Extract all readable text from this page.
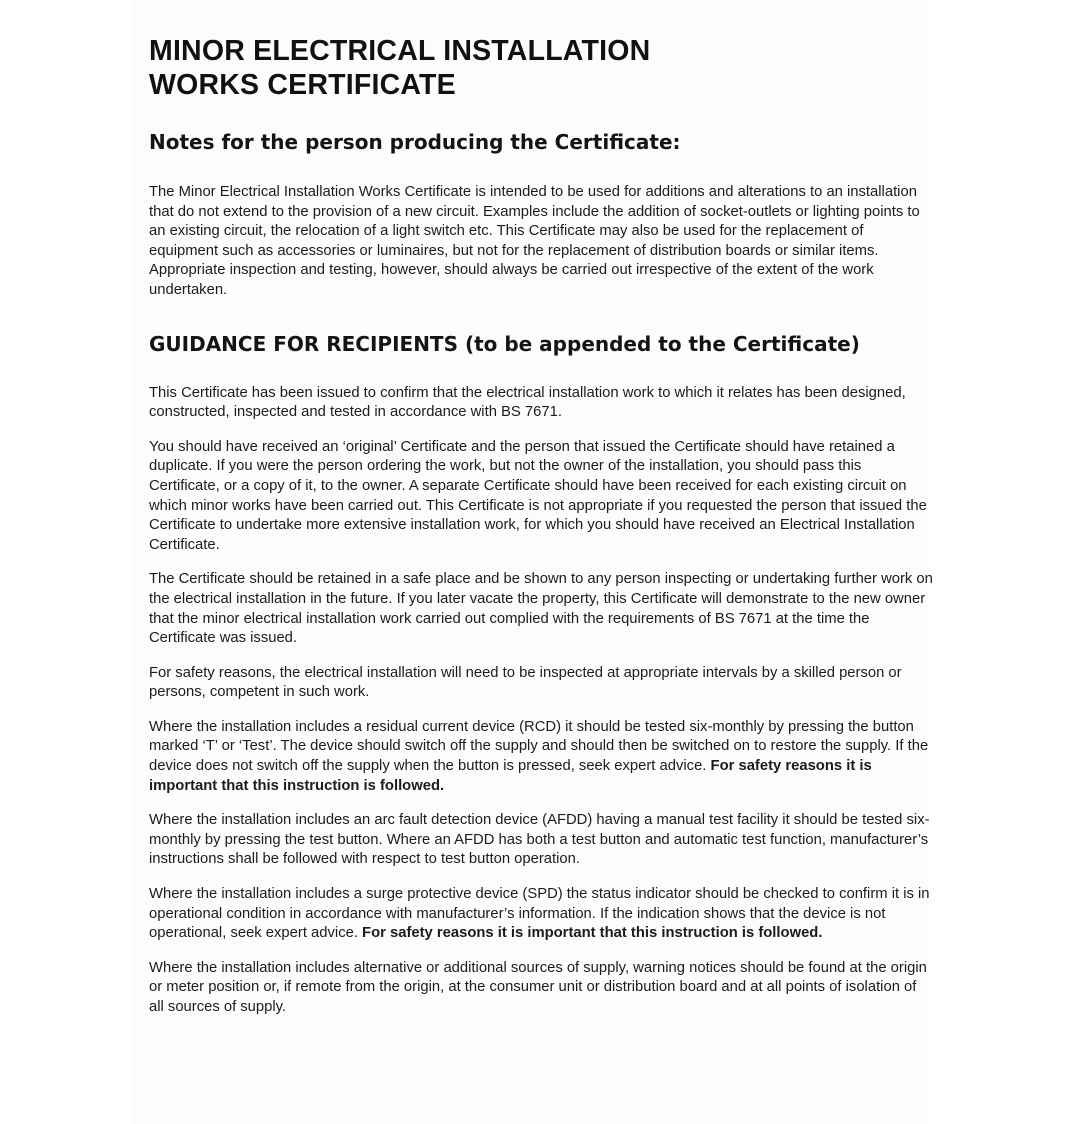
MINOR ELECTRICAL INSTALLATION
WORKS CERTIFICATE
Notes for the person producing the Certificate:

The Minor Electrical Installation Works Certificate is intended to be used for additions and alterations to an installation that do not extend to the provision of a new circuit. Examples include the addition of socket-outlets or lighting points to an existing circuit, the relocation of a light switch etc. This Certificate may also be used for the replacement of equipment such as accessories or luminaires, but not for the replacement of distribution boards or similar items. Appropriate inspection and testing, however, should always be carried out irrespective of the extent of the work undertaken.

GUIDANCE FOR RECIPIENTS (to be appended to the Certificate)

This Certificate has been issued to confirm that the electrical installation work to which it relates has been designed, constructed, inspected and tested in accordance with BS 7671.

You should have received an ‘original’ Certificate and the person that issued the Certificate should have retained a duplicate. If you were the person ordering the work, but not the owner of the installation, you should pass this Certificate, or a copy of it, to the owner. A separate Certificate should have been received for each existing circuit on which minor works have been carried out. This Certificate is not appropriate if you requested the person that issued the Certificate to undertake more extensive installation work, for which you should have received an Electrical Installation Certificate.

The Certificate should be retained in a safe place and be shown to any person inspecting or undertaking further work on the electrical installation in the future. If you later vacate the property, this Certificate will demonstrate to the new owner that the minor electrical installation work carried out complied with the requirements of BS 7671 at the time the Certificate was issued.

For safety reasons, the electrical installation will need to be inspected at appropriate intervals by a skilled person or persons, competent in such work.

Where the installation includes a residual current device (RCD) it should be tested six-monthly by pressing the button marked ‘T’ or ‘Test’. The device should switch off the supply and should then be switched on to restore the supply. If the device does not switch off the supply when the button is pressed, seek expert advice. For safety reasons it is important that this instruction is followed.

Where the installation includes an arc fault detection device (AFDD) having a manual test facility it should be tested six-monthly by pressing the test button. Where an AFDD has both a test button and automatic test function, manufacturer’s instructions shall be followed with respect to test button operation.

Where the installation includes a surge protective device (SPD) the status indicator should be checked to confirm it is in operational condition in accordance with manufacturer’s information. If the indication shows that the device is not operational, seek expert advice. For safety reasons it is important that this instruction is followed.

Where the installation includes alternative or additional sources of supply, warning notices should be found at the origin or meter position or, if remote from the origin, at the consumer unit or distribution board and at all points of isolation of all sources of supply.
